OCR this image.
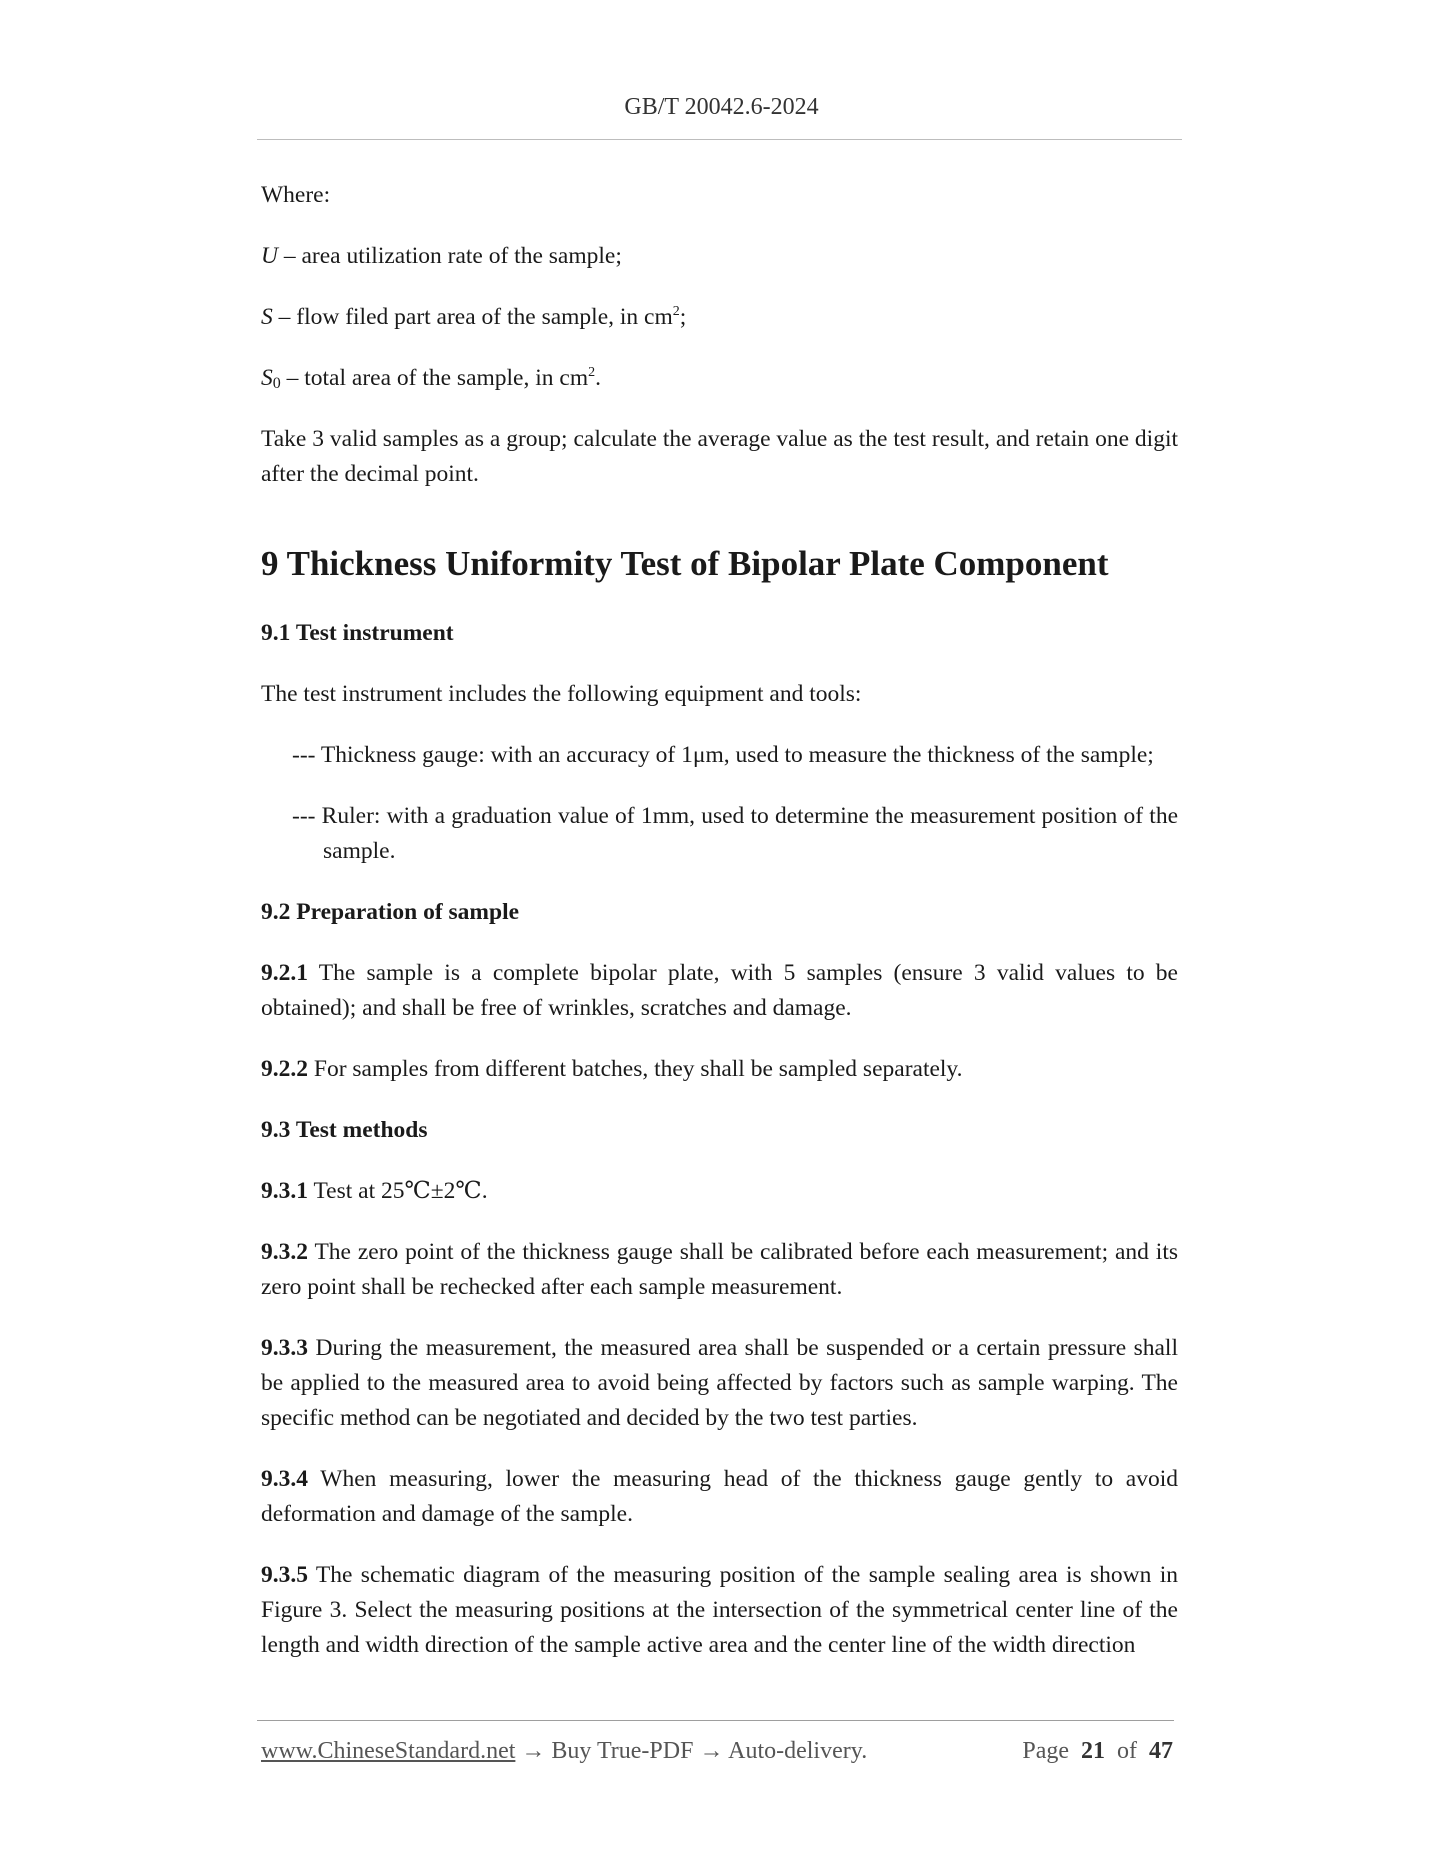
GB/T 20042.6-2024

Where:

U – area utilization rate of the sample;

S – flow filed part area of the sample, in $cm^2$;

$S_0$ – total area of the sample, in $cm^2$.

Take 3 valid samples as a group; calculate the average value as the test result, and retain one digit after the decimal point.

9 Thickness Uniformity Test of Bipolar Plate Component
9.1 Test instrument

The test instrument includes the following equipment and tools:

--- Thickness gauge: with an accuracy of 1μm, used to measure the thickness of the sample;
--- Ruler: with a graduation value of 1mm, used to determine the measurement position of the sample.
9.2 Preparation of sample

9.2.1 The sample is a complete bipolar plate, with 5 samples (ensure 3 valid values to be obtained); and shall be free of wrinkles, scratches and damage.

9.2.2 For samples from different batches, they shall be sampled separately.

9.3 Test methods

9.3.1 Test at 25℃±2℃.

9.3.2 The zero point of the thickness gauge shall be calibrated before each measurement; and its zero point shall be rechecked after each sample measurement.

9.3.3 During the measurement, the measured area shall be suspended or a certain pressure shall be applied to the measured area to avoid being affected by factors such as sample warping. The specific method can be negotiated and decided by the two test parties.

9.3.4 When measuring, lower the measuring head of the thickness gauge gently to avoid deformation and damage of the sample.

9.3.5 The schematic diagram of the measuring position of the sample sealing area is shown in Figure 3. Select the measuring positions at the intersection of the symmetrical center line of the length and width direction of the sample active area and the center line of the width direction

www.ChineseStandard.net → Buy True-PDF → Auto-delivery.	Page 21 of 47
